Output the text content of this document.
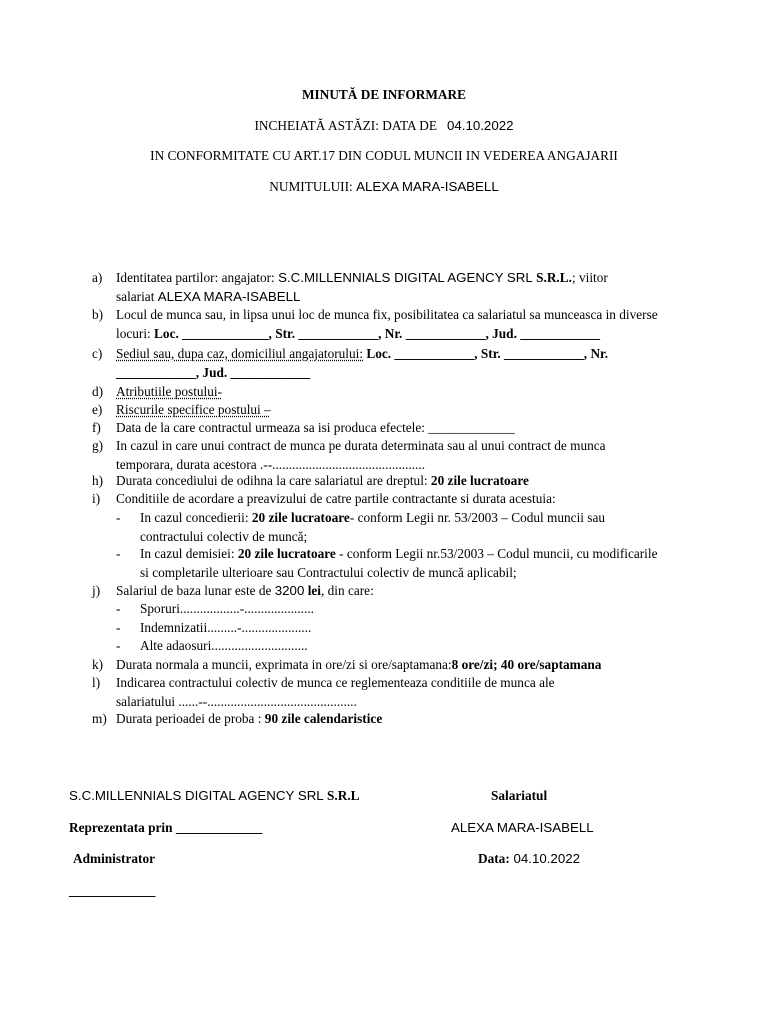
MINUTĂ DE INFORMARE
INCHEIATĂ ASTĂZI: DATA DE 04.10.2022
IN CONFORMITATE CU ART.17 DIN CODUL MUNCII IN VEDEREA ANGAJARII
NUMITULUII: ALEXA MARA-ISABELL
a)	Identitatea partilor: angajator: S.C.MILLENNIALS DIGITAL AGENCY SRL S.R.L.; viitor
salariat ALEXA MARA-ISABELL
b) Locul de munca sau, in lipsa unui loc de munca fix, posibilitatea ca salariatul sa munceasca in diverse
locuri: Loc. _____________, Str. ____________, Nr. ____________, Jud. ____________
c)	Sediul sau, dupa caz, domiciliul angajatorului: Loc. ____________, Str. ____________, Nr.
____________, Jud. ____________
d) Atributiile postului-
e)	Riscurile specifice postului –
f)	Data de la care contractul urmeaza sa isi produca efectele: _____________
g) In cazul in care unui contract de munca pe durata determinata sau al unui contract de munca
temporara, durata acestora .--..............................................
h) Durata concediului de odihna la care salariatul are dreptul: 20 zile lucratoare
i)	Conditiile de acordare a preavizului de catre partile contractante si durata acestuia:
- In cazul concedierii: 20 zile lucratoare- conform Legii nr. 53/2003 – Codul muncii sau
contractului colectiv de muncă;
- In cazul demisiei: 20 zile lucratoare - conform Legii nr.53/2003 – Codul muncii, cu modificarile
si completarile ulterioare sau Contractului colectiv de muncă aplicabil;
j)	Salariul de baza lunar este de 3200 lei, din care:
- Sporuri..................-.....................
- Indemnizatii.........-.....................
- Alte adaosuri.............................
k) Durata normala a muncii, exprimata in ore/zi si ore/saptamana:8 ore/zi; 40 ore/saptamana
l)	Indicarea contractului colectiv de munca ce reglementeaza conditiile de munca ale
salariatului ......--.............................................
m) Durata perioadei de proba : 90 zile calendaristice
S.C.MILLENNIALS DIGITAL AGENCY SRL S.R.L	Salariatul
Reprezentata prin _____________	ALEXA MARA-ISABELL
Administrator	Data: 04.10.2022
_____________
